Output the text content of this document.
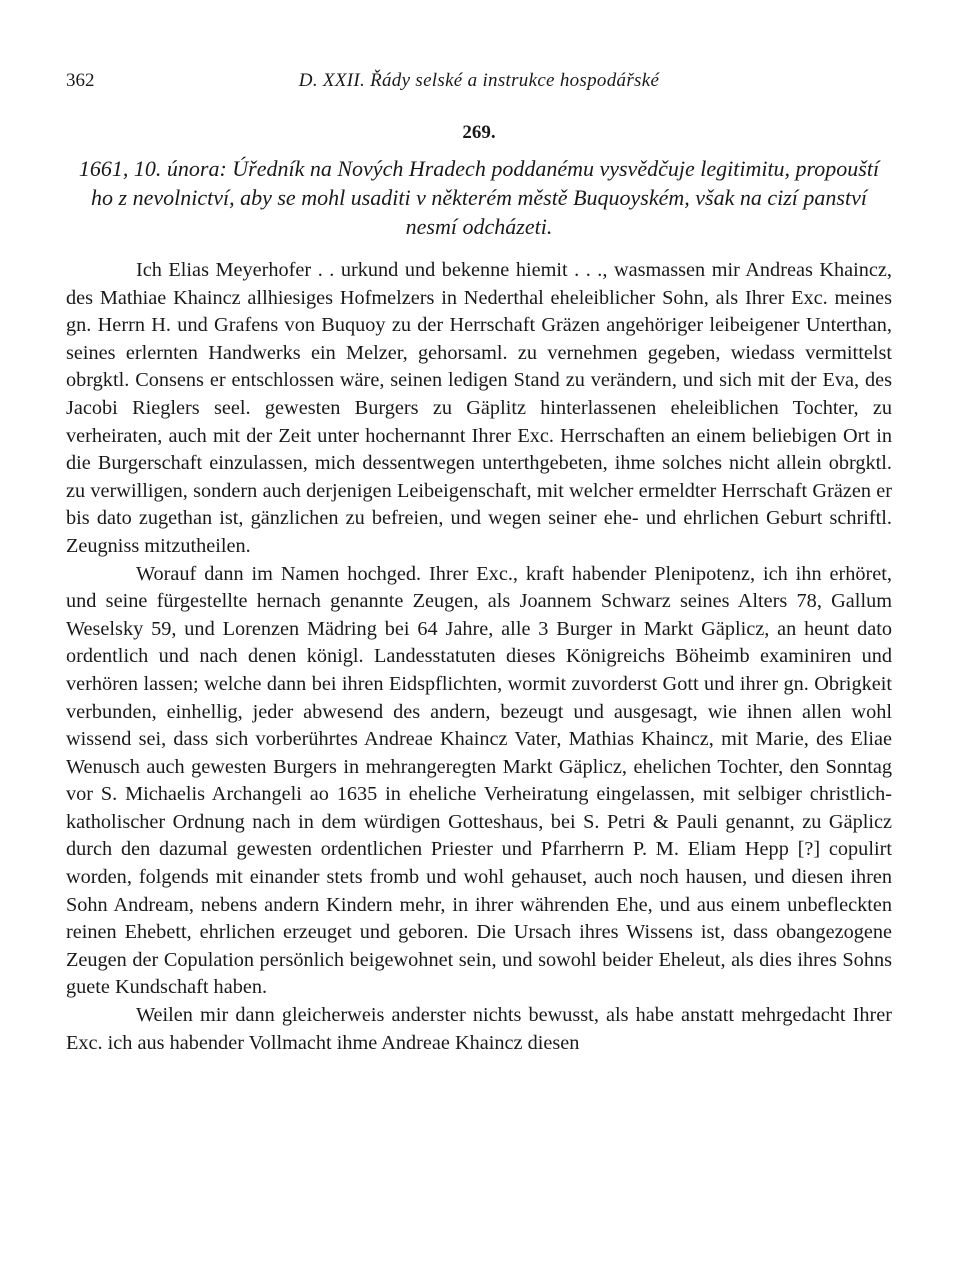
362	D. XXII. Řády selské a instrukce hospodářské
269.
1661, 10. února: Úředník na Nových Hradech poddanému vysvědčuje legitimitu, propouští ho z nevolnictví, aby se mohl usaditi v některém městě Buquoyském, však na cizí panství nesmí odcházeti.

Ich Elias Meyerhofer . . urkund und bekenne hiemit . . ., wasmassen mir Andreas Khaincz, des Mathiae Khaincz allhiesiges Hofmelzers in Nederthal eheleiblicher Sohn, als Ihrer Exc. meines gn. Herrn H. und Grafens von Buquoy zu der Herrschaft Gräzen angehöriger leibeigener Unterthan, seines erlernten Handwerks ein Melzer, gehorsaml. zu vernehmen gegeben, wiedass vermittelst obrgktl. Consens er entschlossen wäre, seinen ledigen Stand zu verändern, und sich mit der Eva, des Jacobi Rieglers seel. gewesten Burgers zu Gäplitz hinterlassenen eheleiblichen Tochter, zu verheiraten, auch mit der Zeit unter hochernannt Ihrer Exc. Herrschaften an einem beliebigen Ort in die Burgerschaft einzulassen, mich dessentwegen unterthgebeten, ihme solches nicht allein obrgktl. zu verwilligen, sondern auch derjenigen Leibeigenschaft, mit welcher ermeldter Herrschaft Gräzen er bis dato zugethan ist, gänzlichen zu befreien, und wegen seiner ehe- und ehrlichen Geburt schriftl. Zeugniss mitzutheilen.

Worauf dann im Namen hochged. Ihrer Exc., kraft habender Plenipotenz, ich ihn erhöret, und seine fürgestellte hernach genannte Zeugen, als Joannem Schwarz seines Alters 78, Gallum Weselsky 59, und Lorenzen Mädring bei 64 Jahre, alle 3 Burger in Markt Gäplicz, an heunt dato ordentlich und nach denen königl. Landesstatuten dieses Königreichs Böheimb examiniren und verhören lassen; welche dann bei ihren Eidspflichten, wormit zuvorderst Gott und ihrer gn. Obrigkeit verbunden, einhellig, jeder abwesend des andern, bezeugt und ausgesagt, wie ihnen allen wohl wissend sei, dass sich vorberührtes Andreae Khaincz Vater, Mathias Khaincz, mit Marie, des Eliae Wenusch auch gewesten Burgers in mehrangeregten Markt Gäplicz, ehelichen Tochter, den Sonntag vor S. Michaelis Archangeli ao 1635 in eheliche Verheiratung eingelassen, mit selbiger christlich-katholischer Ordnung nach in dem würdigen Gotteshaus, bei S. Petri & Pauli genannt, zu Gäplicz durch den dazumal gewesten ordentlichen Priester und Pfarrherrn P. M. Eliam Hepp [?] copulirt worden, folgends mit einander stets fromb und wohl gehauset, auch noch hausen, und diesen ihren Sohn Andream, nebens andern Kindern mehr, in ihrer währenden Ehe, und aus einem unbefleckten reinen Ehebett, ehrlichen erzeuget und geboren. Die Ursach ihres Wissens ist, dass obangezogene Zeugen der Copulation persönlich beigewohnet sein, und sowohl beider Eheleut, als dies ihres Sohns guete Kundschaft haben.

Weilen mir dann gleicherweis anderster nichts bewusst, als habe anstatt mehrgedacht Ihrer Exc. ich aus habender Vollmacht ihme Andreae Khaincz diesen
